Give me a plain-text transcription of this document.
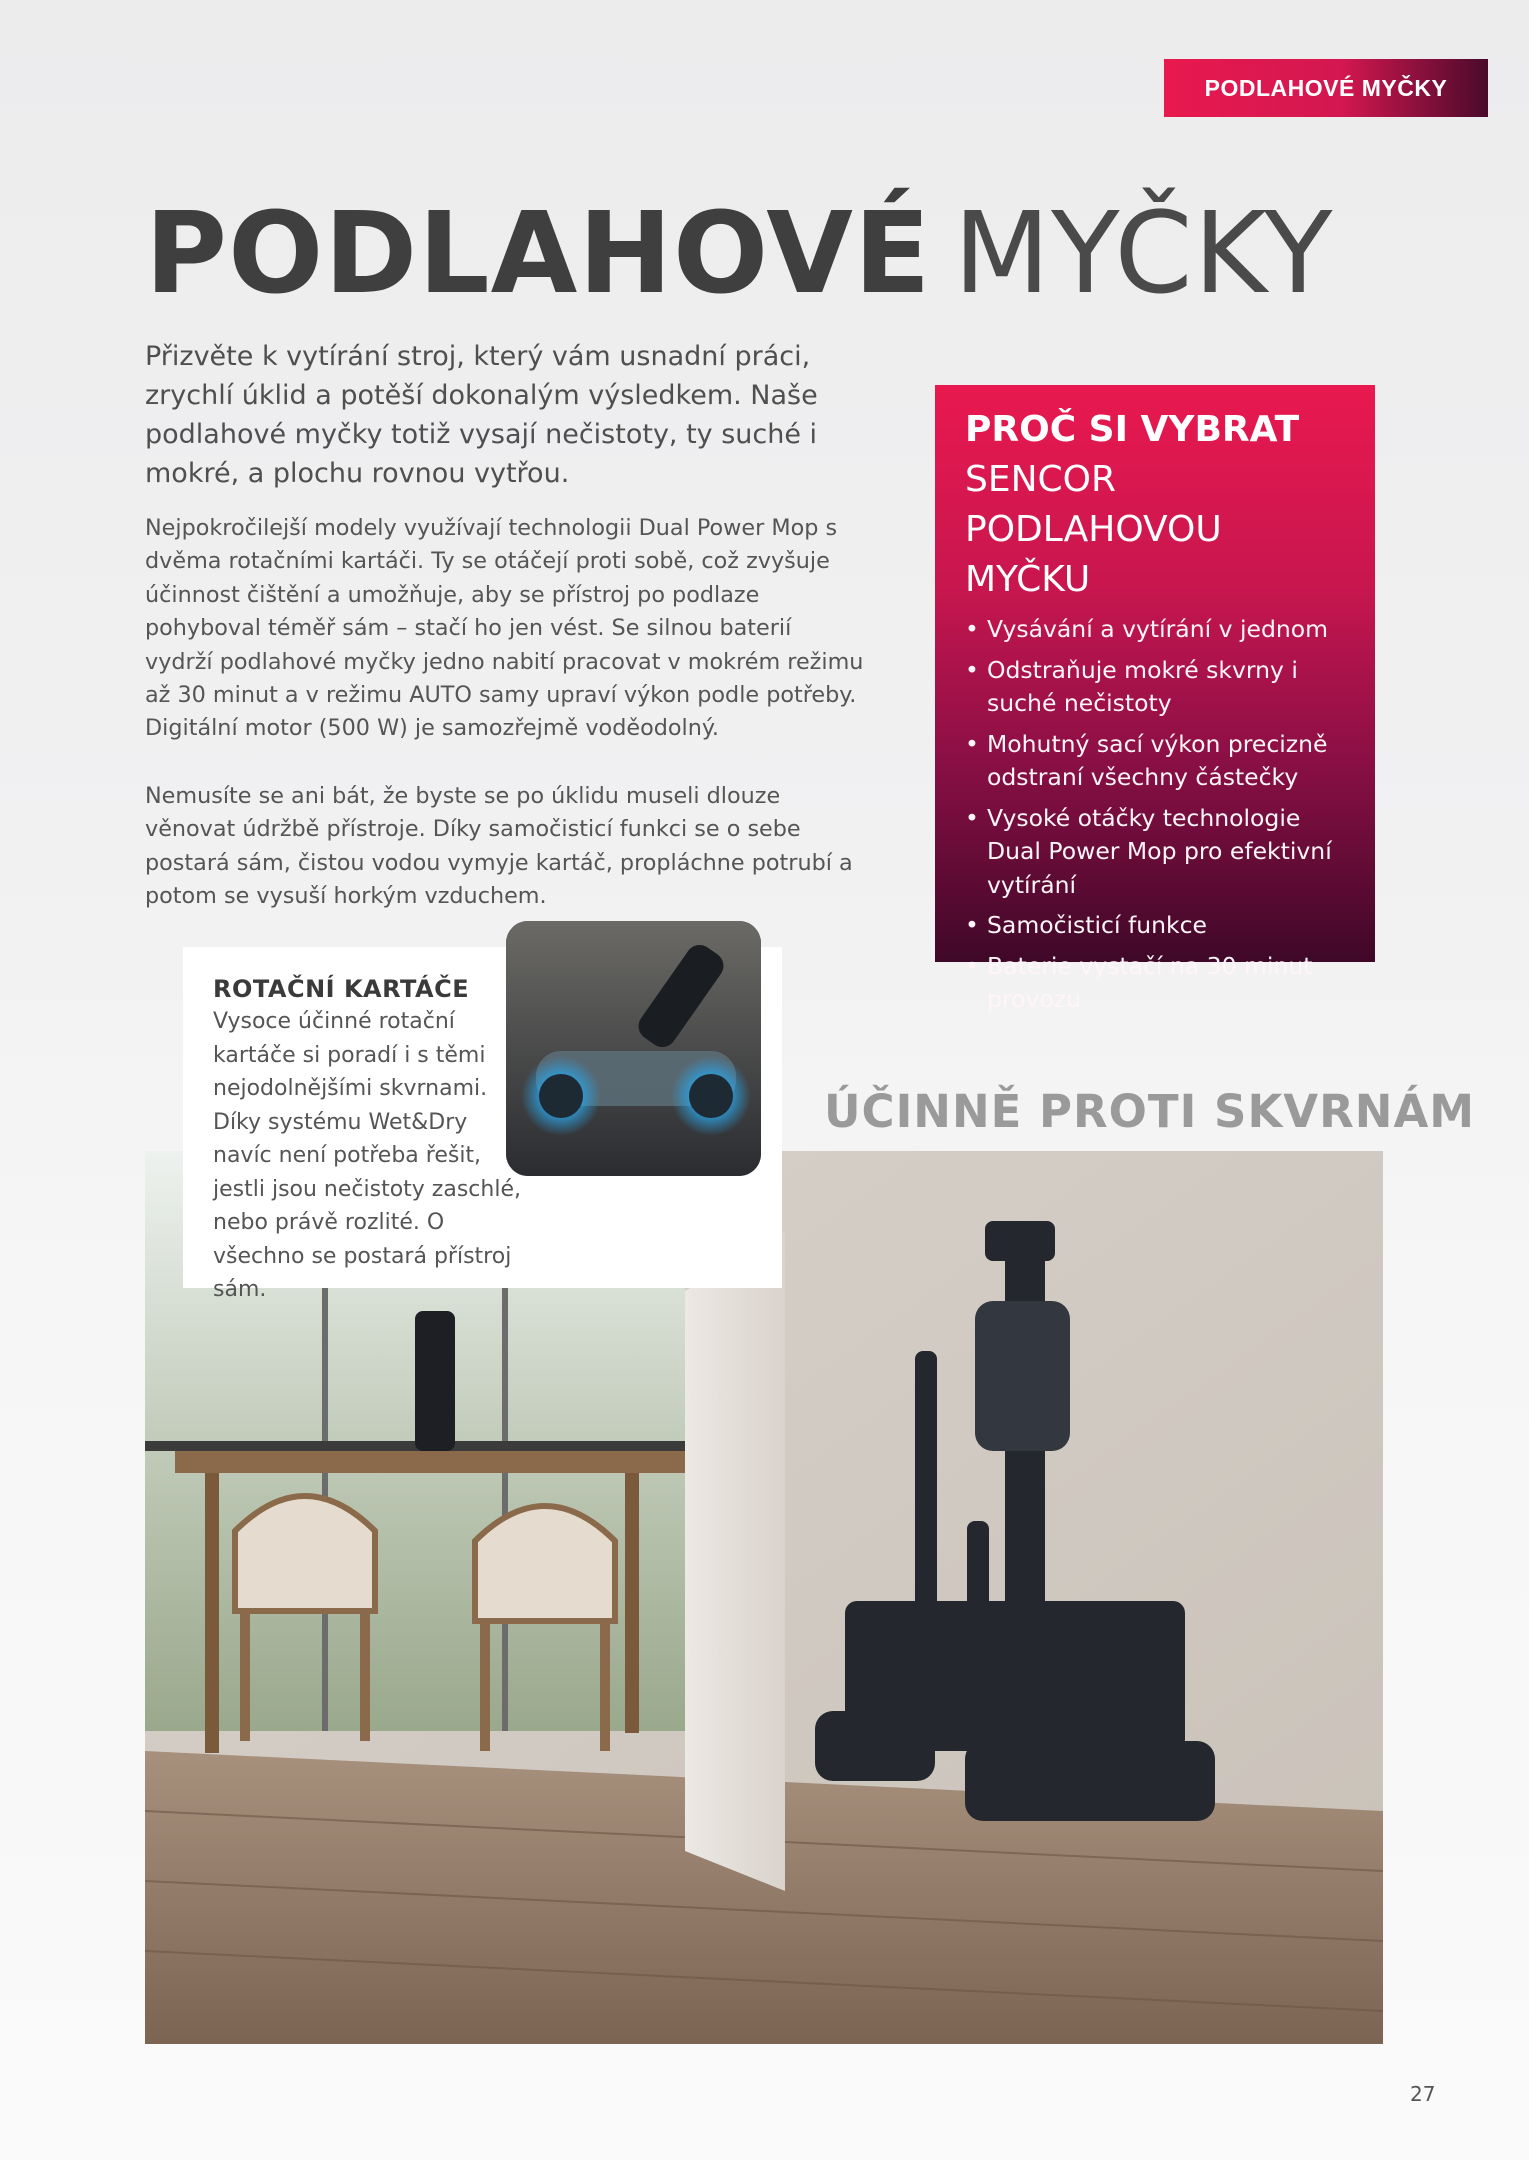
PODLAHOVÉ MYČKY
PODLAHOVÉ MYČKY

Přizvěte k vytírání stroj, který vám usnadní práci, zrychlí úklid a potěší dokonalým výsledkem. Naše podlahové myčky totiž vysají nečistoty, ty suché i mokré, a plochu rovnou vytřou.

Nejpokročilejší modely využívají technologii Dual Power Mop s dvěma rotačními kartáči. Ty se otáčejí proti sobě, což zvyšuje účinnost čištění a umožňuje, aby se přístroj po podlaze pohyboval téměř sám – stačí ho jen vést. Se silnou baterií vydrží podlahové myčky jedno nabití pracovat v mokrém režimu až 30 minut a v režimu AUTO samy upraví výkon podle potřeby. Digitální motor (500 W) je samozřejmě voděodolný.

Nemusíte se ani bát, že byste se po úklidu museli dlouze věnovat údržbě přístroje. Díky samočisticí funkci se o sebe postará sám, čistou vodou vymyje kartáč, propláchne potrubí a potom se vysuší horkým vzduchem.

PROČ SI VYBRAT
SENCOR
PODLAHOVOU MYČKU
• Vysávání a vytírání v jednom
• Odstraňuje mokré skvrny i suché nečistoty
• Mohutný sací výkon precizně odstraní všechny částečky
• Vysoké otáčky technologie Dual Power Mop pro efektivní vytírání
• Samočisticí funkce
• Baterie vystačí na 30 minut provozu
ÚČINNĚ PROTI SKVRNÁM
ROTAČNÍ KARTÁČE

Vysoce účinné rotační kartáče si poradí i s těmi nejodolnějšími skvrnami. Díky systému Wet&Dry navíc není potřeba řešit, jestli jsou nečistoty zaschlé, nebo právě rozlité. O všechno se postará přístroj sám.

27
